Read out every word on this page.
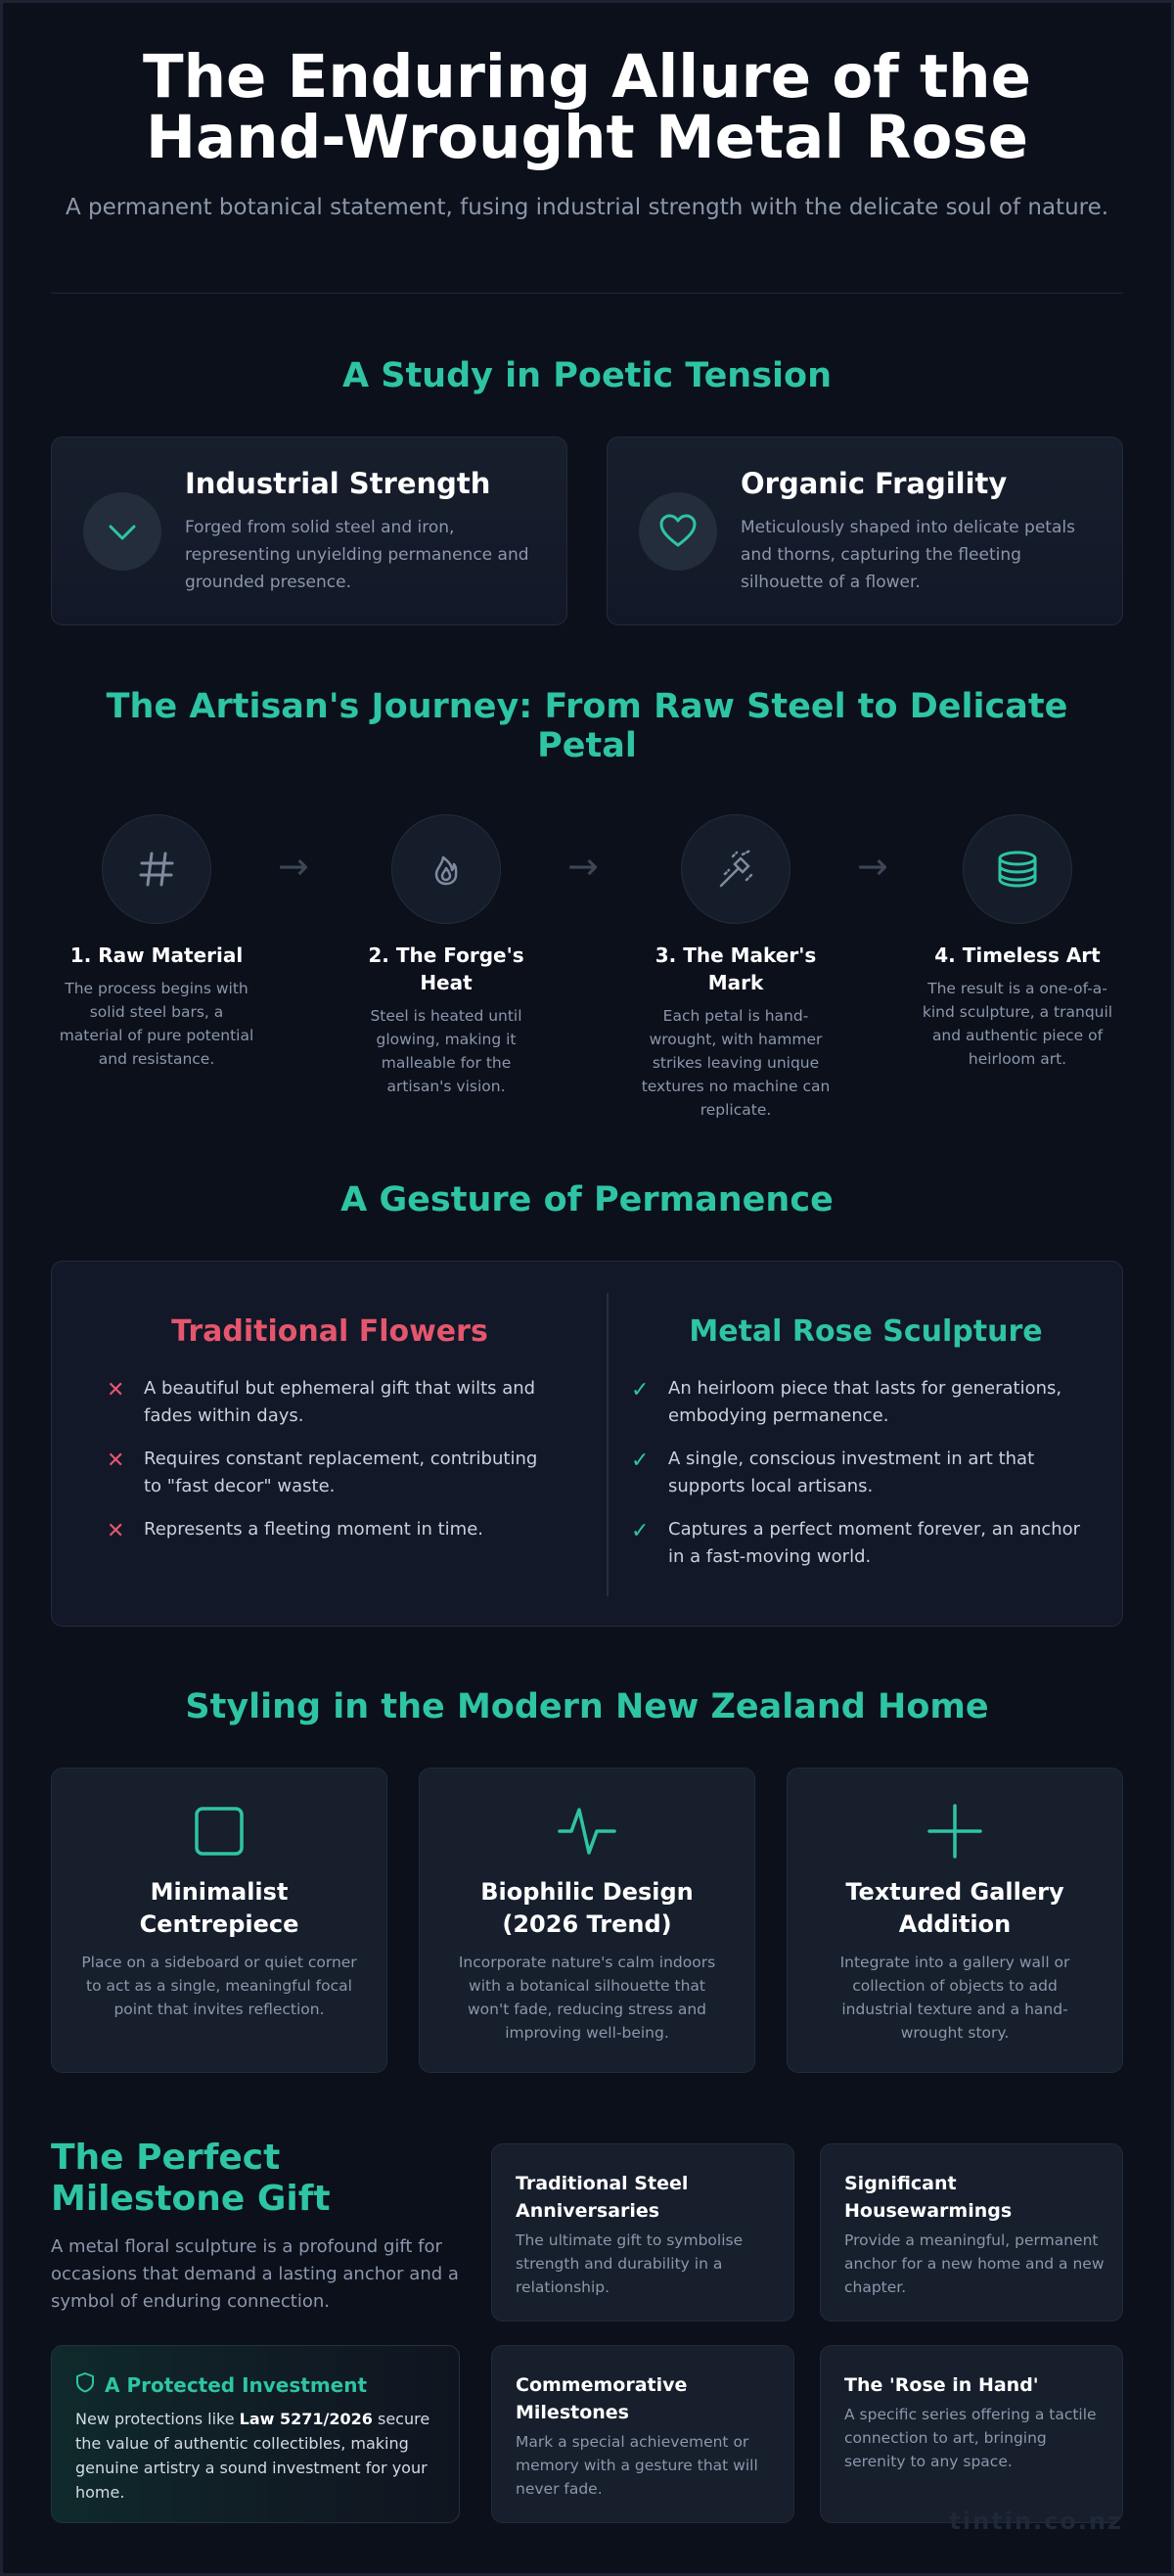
The Enduring Allure of the Hand-Wrought Metal Rose

A permanent botanical statement, fusing industrial strength with the delicate soul of nature.

A Study in Poetic Tension
Industrial Strength
Forged from solid steel and iron, representing unyielding permanence and grounded presence.
Organic Fragility
Meticulously shaped into delicate petals and thorns, capturing the fleeting silhouette of a flower.
The Artisan's Journey: From Raw Steel to Delicate Petal
1. Raw Material
The process begins with solid steel bars, a material of pure potential and resistance.
→
2. The Forge's Heat
Steel is heated until glowing, making it malleable for the artisan's vision.
→
3. The Maker's Mark
Each petal is hand-wrought, with hammer strikes leaving unique textures no machine can replicate.
→
4. Timeless Art
The result is a one-of-a-kind sculpture, a tranquil and authentic piece of heirloom art.
A Gesture of Permanence
Traditional Flowers
✕ A beautiful but ephemeral gift that wilts and fades within days.
✕ Requires constant replacement, contributing to "fast decor" waste.
✕ Represents a fleeting moment in time.
Metal Rose Sculpture
✓ An heirloom piece that lasts for generations, embodying permanence.
✓ A single, conscious investment in art that supports local artisans.
✓ Captures a perfect moment forever, an anchor in a fast-moving world.
Styling in the Modern New Zealand Home
Minimalist Centrepiece
Place on a sideboard or quiet corner to act as a single, meaningful focal point that invites reflection.
Biophilic Design (2026 Trend)
Incorporate nature's calm indoors with a botanical silhouette that won't fade, reducing stress and improving well-being.
Textured Gallery Addition
Integrate into a gallery wall or collection of objects to add industrial texture and a hand-wrought story.
The Perfect Milestone Gift

A metal floral sculpture is a profound gift for occasions that demand a lasting anchor and a symbol of enduring connection.

A Protected Investment
New protections like Law 5271/2026 secure the value of authentic collectibles, making genuine artistry a sound investment for your home.
Traditional Steel Anniversaries
The ultimate gift to symbolise strength and durability in a relationship.
Significant Housewarmings
Provide a meaningful, permanent anchor for a new home and a new chapter.
Commemorative Milestones
Mark a special achievement or memory with a gesture that will never fade.
The 'Rose in Hand'
A specific series offering a tactile connection to art, bringing serenity to any space.
tintin.co.nz
